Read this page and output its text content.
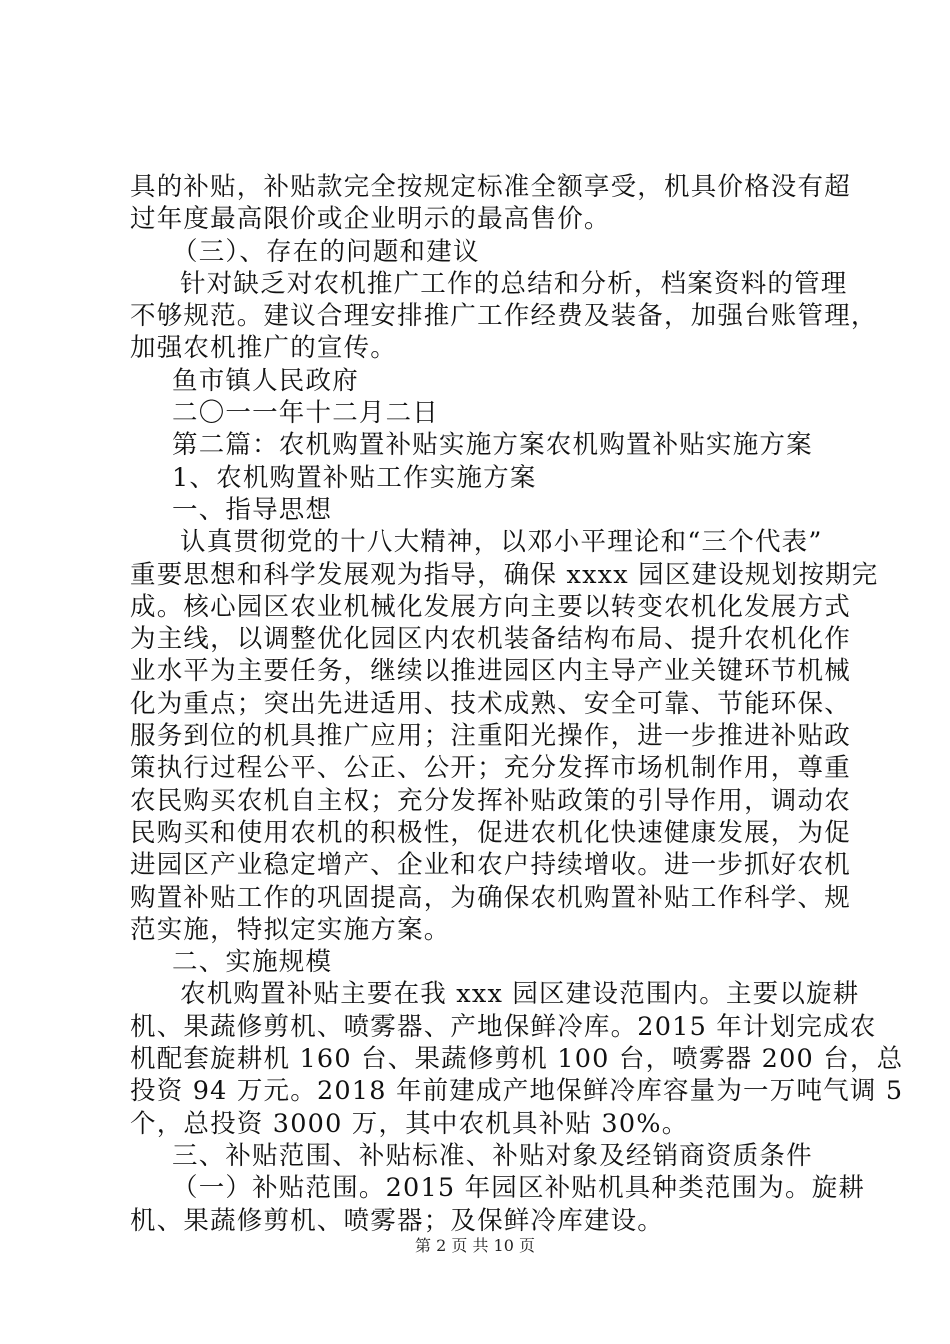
具的补贴，补贴款完全按规定标准全额享受，机具价格没有超
过年度最高限价或企业明示的最高售价。
（三）、存在的问题和建议
针对缺乏对农机推广工作的总结和分析，档案资料的管理
不够规范。建议合理安排推广工作经费及装备，加强台账管理，
加强农机推广的宣传。
鱼市镇人民政府
二〇一一年十二月二日
第二篇：农机购置补贴实施方案农机购置补贴实施方案
1、农机购置补贴工作实施方案
一、指导思想
认真贯彻党的十八大精神，以邓小平理论和“三个代表”
重要思想和科学发展观为指导，确保 xxxx 园区建设规划按期完
成。核心园区农业机械化发展方向主要以转变农机化发展方式
为主线，以调整优化园区内农机装备结构布局、提升农机化作
业水平为主要任务，继续以推进园区内主导产业关键环节机械
化为重点；突出先进适用、技术成熟、安全可靠、节能环保、
服务到位的机具推广应用；注重阳光操作，进一步推进补贴政
策执行过程公平、公正、公开；充分发挥市场机制作用，尊重
农民购买农机自主权；充分发挥补贴政策的引导作用，调动农
民购买和使用农机的积极性，促进农机化快速健康发展，为促
进园区产业稳定增产、企业和农户持续增收。进一步抓好农机
购置补贴工作的巩固提高，为确保农机购置补贴工作科学、规
范实施，特拟定实施方案。
二、实施规模
农机购置补贴主要在我 xxx 园区建设范围内。主要以旋耕
机、果蔬修剪机、喷雾器、产地保鲜冷库。2015 年计划完成农
机配套旋耕机 160 台、果蔬修剪机 100 台，喷雾器 200 台，总
投资 94 万元。2018 年前建成产地保鲜冷库容量为一万吨气调 5
个，总投资 3000 万，其中农机具补贴 30%。
三、补贴范围、补贴标准、补贴对象及经销商资质条件
（一）补贴范围。2015 年园区补贴机具种类范围为。旋耕
机、果蔬修剪机、喷雾器；及保鲜冷库建设。
第 2 页 共 10 页
